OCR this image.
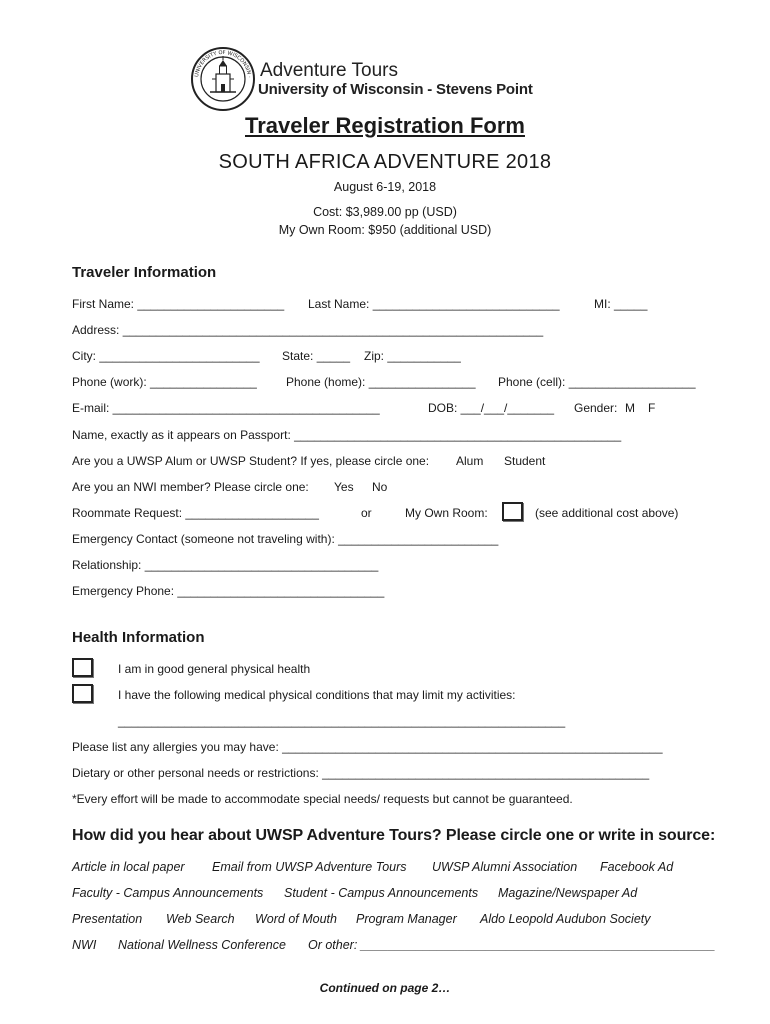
UNIVERSITY OF WISCONSIN · Adventure Tours
University of Wisconsin - Stevens Point
Traveler Registration Form
SOUTH AFRICA ADVENTURE 2018
August 6-19, 2018
Cost: $3,989.00 pp (USD)
My Own Room: $950 (additional USD)
Traveler Information
First Name: ______________________ Last Name: ____________________________	MI: _____
Address: _______________________________________________________________
City: ________________________ State: _____ Zip: ___________
Phone (work): ________________ Phone (home): ________________ Phone (cell): ___________________
E-mail: ________________________________________	DOB: ___/___/_______ Gender: M F
Name, exactly as it appears on Passport: _________________________________________________
Are you a UWSP Alum or UWSP Student? If yes, please circle one: Alum Student
Are you an NWI member? Please circle one: Yes No
Roommate Request: ____________________	or	My Own Room:	(see additional cost above)
Emergency Contact (someone not traveling with): ________________________
Relationship: ___________________________________
Emergency Phone: _______________________________
Health Information
I am in good general physical health
I have the following medical physical conditions that may limit my activities:
___________________________________________________________________
Please list any allergies you may have: _________________________________________________________
Dietary or other personal needs or restrictions: _________________________________________________
*Every effort will be made to accommodate special needs/ requests but cannot be guaranteed.
How did you hear about UWSP Adventure Tours? Please circle one or write in source:
Article in local paper Email from UWSP Adventure Tours UWSP Alumni Association Facebook Ad
Faculty - Campus Announcements Student - Campus Announcements Magazine/Newspaper Ad
Presentation Web Search Word of Mouth Program Manager Aldo Leopold Audubon Society
NWI National Wellness Conference Or other: ___________________________________________________
Continued on page 2…
